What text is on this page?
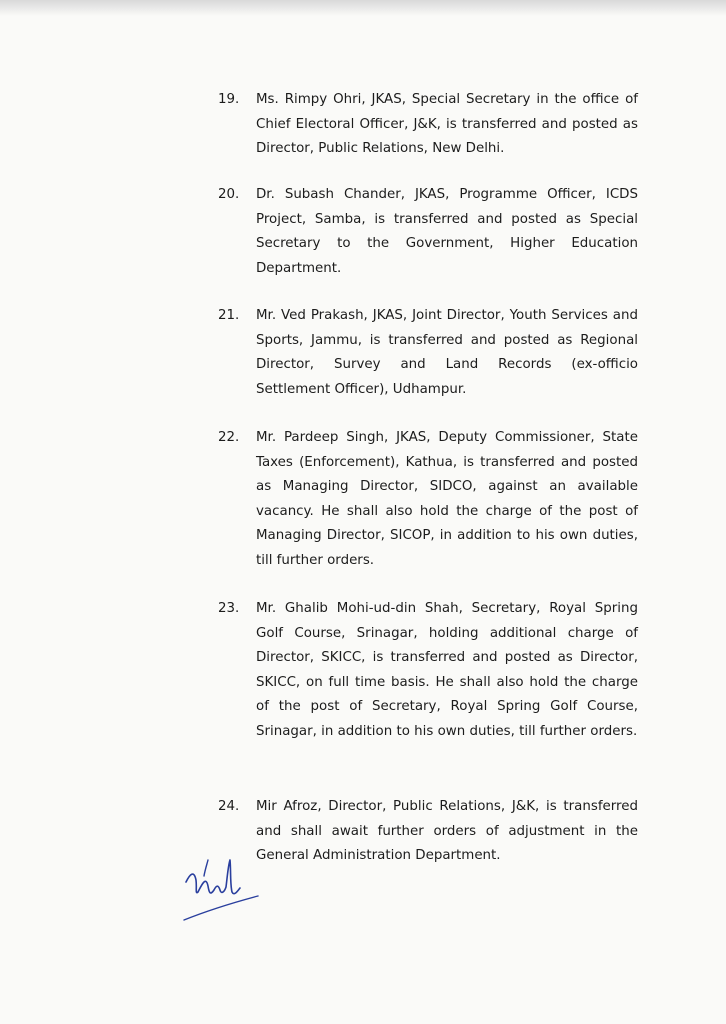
19.	Ms. Rimpy Ohri, JKAS, Special Secretary in the office of Chief Electoral Officer, J&K, is transferred and posted as Director, Public Relations, New Delhi.
20.	Dr. Subash Chander, JKAS, Programme Officer, ICDS Project, Samba, is transferred and posted as Special Secretary to the Government, Higher Education Department.
21.	Mr. Ved Prakash, JKAS, Joint Director, Youth Services and Sports, Jammu, is transferred and posted as Regional Director, Survey and Land Records (ex-officio Settlement Officer), Udhampur.
22.	Mr. Pardeep Singh, JKAS, Deputy Commissioner, State Taxes (Enforcement), Kathua, is transferred and posted as Managing Director, SIDCO, against an available vacancy. He shall also hold the charge of the post of Managing Director, SICOP, in addition to his own duties, till further orders.
23.	Mr. Ghalib Mohi-ud-din Shah, Secretary, Royal Spring Golf Course, Srinagar, holding additional charge of Director, SKICC, is transferred and posted as Director, SKICC, on full time basis. He shall also hold the charge of the post of Secretary, Royal Spring Golf Course, Srinagar, in addition to his own duties, till further orders.
24.	Mir Afroz, Director, Public Relations, J&K, is transferred and shall await further orders of adjustment in the General Administration Department.
